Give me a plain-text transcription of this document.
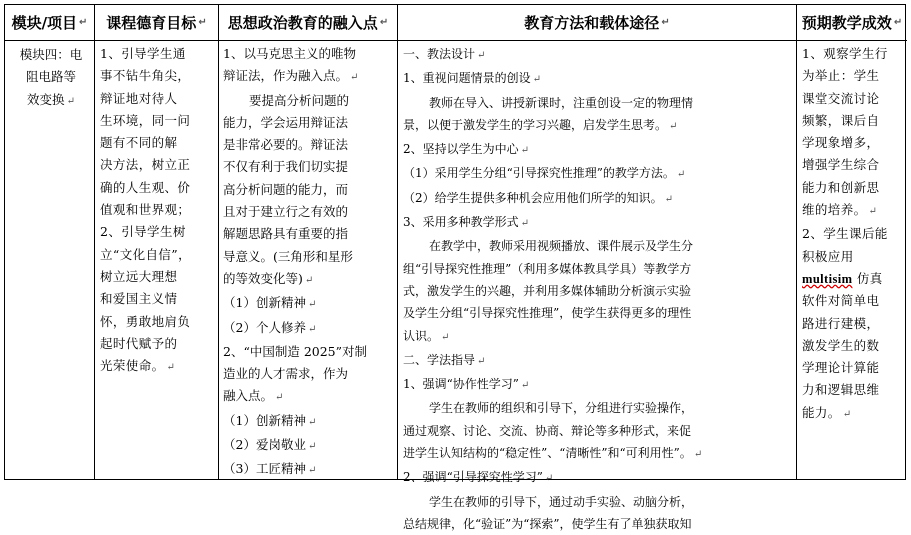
模块/项目 ↵ 课程德育目标 ↵ 思想政治教育的融入点 ↵	教育方法和载体途径 ↵	预期教学成效 ↵
模块四：电
阻电路等
效变换 ↵
1、引导学生通
事不钻牛角尖，
辩证地对待人
生环境，同一问
题有不同的解
决方法，树立正
确的人生观、价
值观和世界观；
2、引导学生树
立“文化自信”，
树立远大理想
和爱国主义情
怀，勇敢地肩负
起时代赋予的
光荣使命。 ↵
1、以马克思主义的唯物
辩证法，作为融入点。 ↵
要提高分析问题的
能力，学会运用辩证法
是非常必要的。辩证法
不仅有利于我们切实提
高分析问题的能力，而
且对于建立行之有效的
解题思路具有重要的指
导意义。(三角形和星形
的等效变化等) ↵
（1）创新精神 ↵
（2）个人修养 ↵
2、“中国制造 2025”对制
造业的人才需求，作为
融入点。 ↵
（1）创新精神 ↵
（2）爱岗敬业 ↵
（3）工匠精神 ↵
一、教法设计 ↵
1、重视问题情景的创设 ↵
教师在导入、讲授新课时，注重创设一定的物理情
景，以便于激发学生的学习兴趣，启发学生思考。 ↵
2、坚持以学生为中心 ↵
（1）采用学生分组“引导探究性推理”的教学方法。 ↵
（2）给学生提供多种机会应用他们所学的知识。 ↵
3、采用多种教学形式 ↵
在教学中，教师采用视频播放、课件展示及学生分
组“引导探究性推理”（利用多媒体教具学具）等教学方
式，激发学生的兴趣，并利用多媒体辅助分析演示实验
及学生分组“引导探究性推理”，使学生获得更多的理性
认识。 ↵
二、学法指导 ↵
1、强调“协作性学习” ↵
学生在教师的组织和引导下，分组进行实验操作，
通过观察、讨论、交流、协商、辩论等多种形式，来促
进学生认知结构的“稳定性”、“清晰性”和“可利用性”。 ↵
2、强调“引导探究性学习” ↵
学生在教师的引导下，通过动手实验、动脑分析，
总结规律，化“验证”为“探索”，使学生有了单独获取知
1、观察学生行
为举止：学生
课堂交流讨论
频繁，课后自
学现象增多，
增强学生综合
能力和创新思
维的培养。 ↵
2、学生课后能
积极应用
multisim 仿真
软件对简单电
路进行建模，
激发学生的数
学理论计算能
力和逻辑思维
能力。 ↵
